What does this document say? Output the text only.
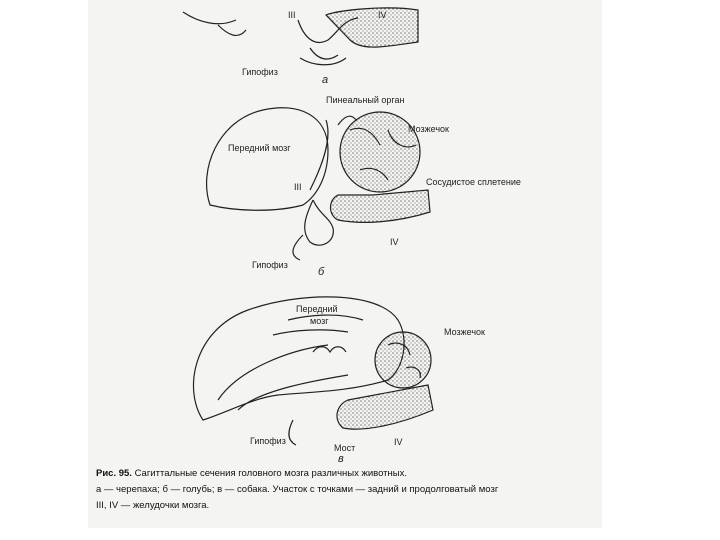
III	IV
Гипофиз
а
Пинеальный орган
Мозжечок
Передний мозг
III	Сосудистое сплетение
IV
Гипофиз
б
Передний
мозг
Мозжечок
Гипофиз
Мост
IV
в
Рис. 95. Сагиттальные сечения головного мозга различных животных.
а — черепаха; б — голубь; в — собака. Участок с точками — задний и продолговатый мозг
III, IV — желудочки мозга.
